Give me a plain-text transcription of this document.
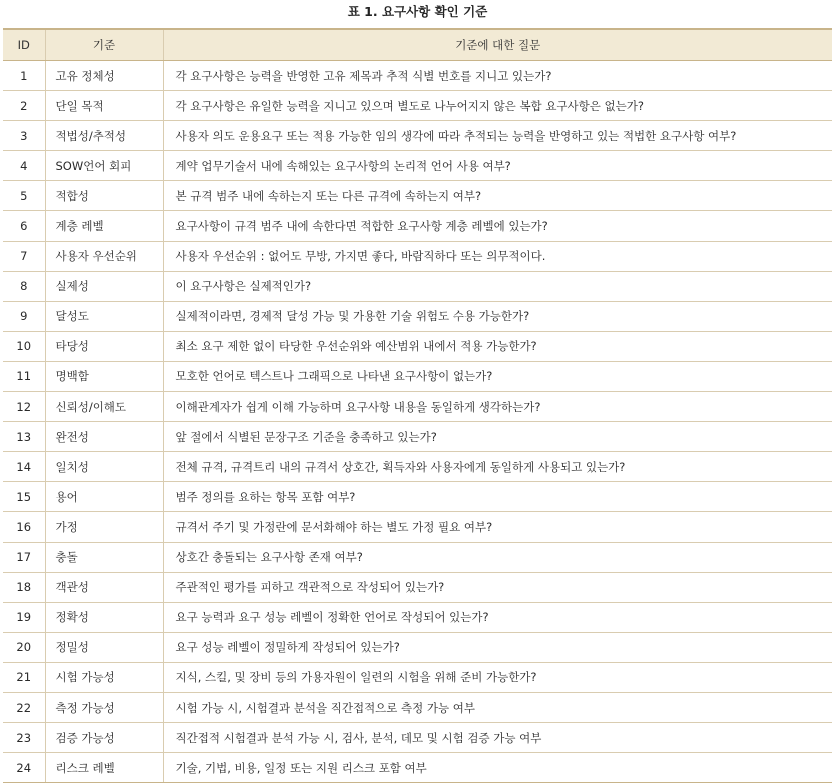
표 1. 요구사항 확인 기준
ID	기준	기준에 대한 질문
1	고유 정체성	각 요구사항은 능력을 반영한 고유 제목과 추적 식별 번호를 지니고 있는가?
2	단일 목적	각 요구사항은 유일한 능력을 지니고 있으며 별도로 나누어지지 않은 복합 요구사항은 없는가?
3	적법성/추적성	사용자 의도 운용요구 또는 적용 가능한 임의 생각에 따라 추적되는 능력을 반영하고 있는 적법한 요구사항 여부?
4	SOW언어 회피	계약 업무기술서 내에 속해있는 요구사항의 논리적 언어 사용 여부?
5	적합성	본 규격 범주 내에 속하는지 또는 다른 규격에 속하는지 여부?
6	계층 레벨	요구사항이 규격 범주 내에 속한다면 적합한 요구사항 계층 레벨에 있는가?
7	사용자 우선순위	사용자 우선순위 : 없어도 무방, 가지면 좋다, 바람직하다 또는 의무적이다.
8	실제성	이 요구사항은 실제적인가?
9	달성도	실제적이라면, 경제적 달성 가능 및 가용한 기술 위험도 수용 가능한가?
10	타당성	최소 요구 제한 없이 타당한 우선순위와 예산범위 내에서 적용 가능한가?
11	명백함	모호한 언어로 텍스트나 그래픽으로 나타낸 요구사항이 없는가?
12	신뢰성/이해도	이해관계자가 쉽게 이해 가능하며 요구사항 내용을 동일하게 생각하는가?
13	완전성	앞 절에서 식별된 문장구조 기준을 충족하고 있는가?
14	일치성	전체 규격, 규격트리 내의 규격서 상호간, 획득자와 사용자에게 동일하게 사용되고 있는가?
15	용어	범주 정의를 요하는 항목 포함 여부?
16	가정	규격서 주기 및 가정란에 문서화해야 하는 별도 가정 필요 여부?
17	충돌	상호간 충돌되는 요구사항 존재 여부?
18	객관성	주관적인 평가를 피하고 객관적으로 작성되어 있는가?
19	정확성	요구 능력과 요구 성능 레벨이 정확한 언어로 작성되어 있는가?
20	정밀성	요구 성능 레벨이 정밀하게 작성되어 있는가?
21	시험 가능성	지식, 스킬, 및 장비 등의 가용자원이 일련의 시험을 위해 준비 가능한가?
22	측정 가능성	시험 가능 시, 시험결과 분석을 직간접적으로 측정 가능 여부
23	검증 가능성	직간접적 시험결과 분석 가능 시, 검사, 분석, 데모 및 시험 검증 가능 여부
24	리스크 레벨	기술, 기법, 비용, 일정 또는 지원 리스크 포함 여부
